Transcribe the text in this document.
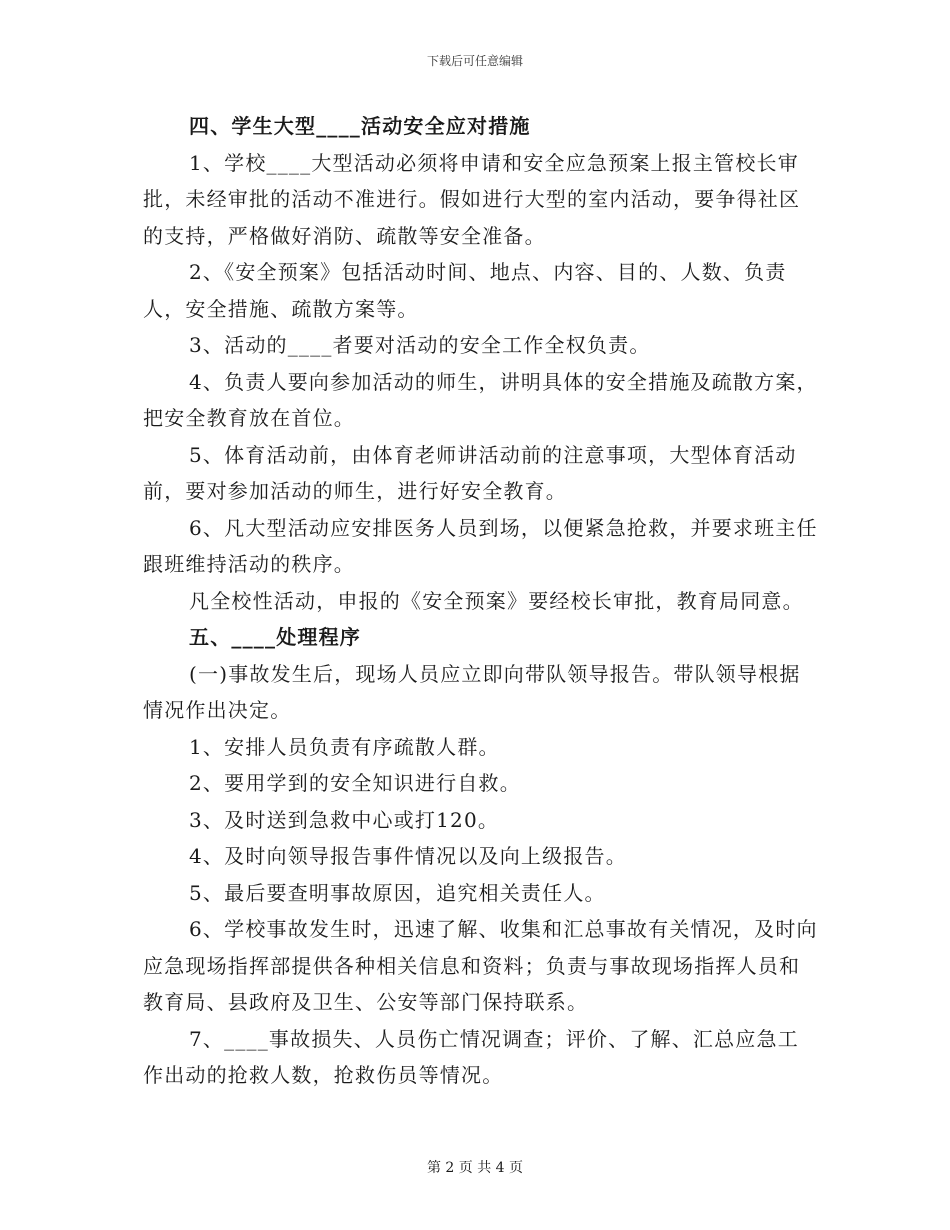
下载后可任意编辑

四、学生大型____活动安全应对措施

1、学校____大型活动必须将申请和安全应急预案上报主管校长审批，未经审批的活动不准进行。假如进行大型的室内活动，要争得社区的支持，严格做好消防、疏散等安全准备。

2、《安全预案》包括活动时间、地点、内容、目的、人数、负责人，安全措施、疏散方案等。

3、活动的____者要对活动的安全工作全权负责。

4、负责人要向参加活动的师生，讲明具体的安全措施及疏散方案，把安全教育放在首位。

5、体育活动前，由体育老师讲活动前的注意事项，大型体育活动前，要对参加活动的师生，进行好安全教育。

6、凡大型活动应安排医务人员到场，以便紧急抢救，并要求班主任跟班维持活动的秩序。

凡全校性活动，申报的《安全预案》要经校长审批，教育局同意。

五、____处理程序

(一)事故发生后，现场人员应立即向带队领导报告。带队领导根据情况作出决定。

1、安排人员负责有序疏散人群。

2、要用学到的安全知识进行自救。

3、及时送到急救中心或打120。

4、及时向领导报告事件情况以及向上级报告。

5、最后要查明事故原因，追究相关责任人。

6、学校事故发生时，迅速了解、收集和汇总事故有关情况，及时向应急现场指挥部提供各种相关信息和资料；负责与事故现场指挥人员和教育局、县政府及卫生、公安等部门保持联系。

7、____事故损失、人员伤亡情况调查；评价、了解、汇总应急工作出动的抢救人数，抢救伤员等情况。

第 2 页 共 4 页
